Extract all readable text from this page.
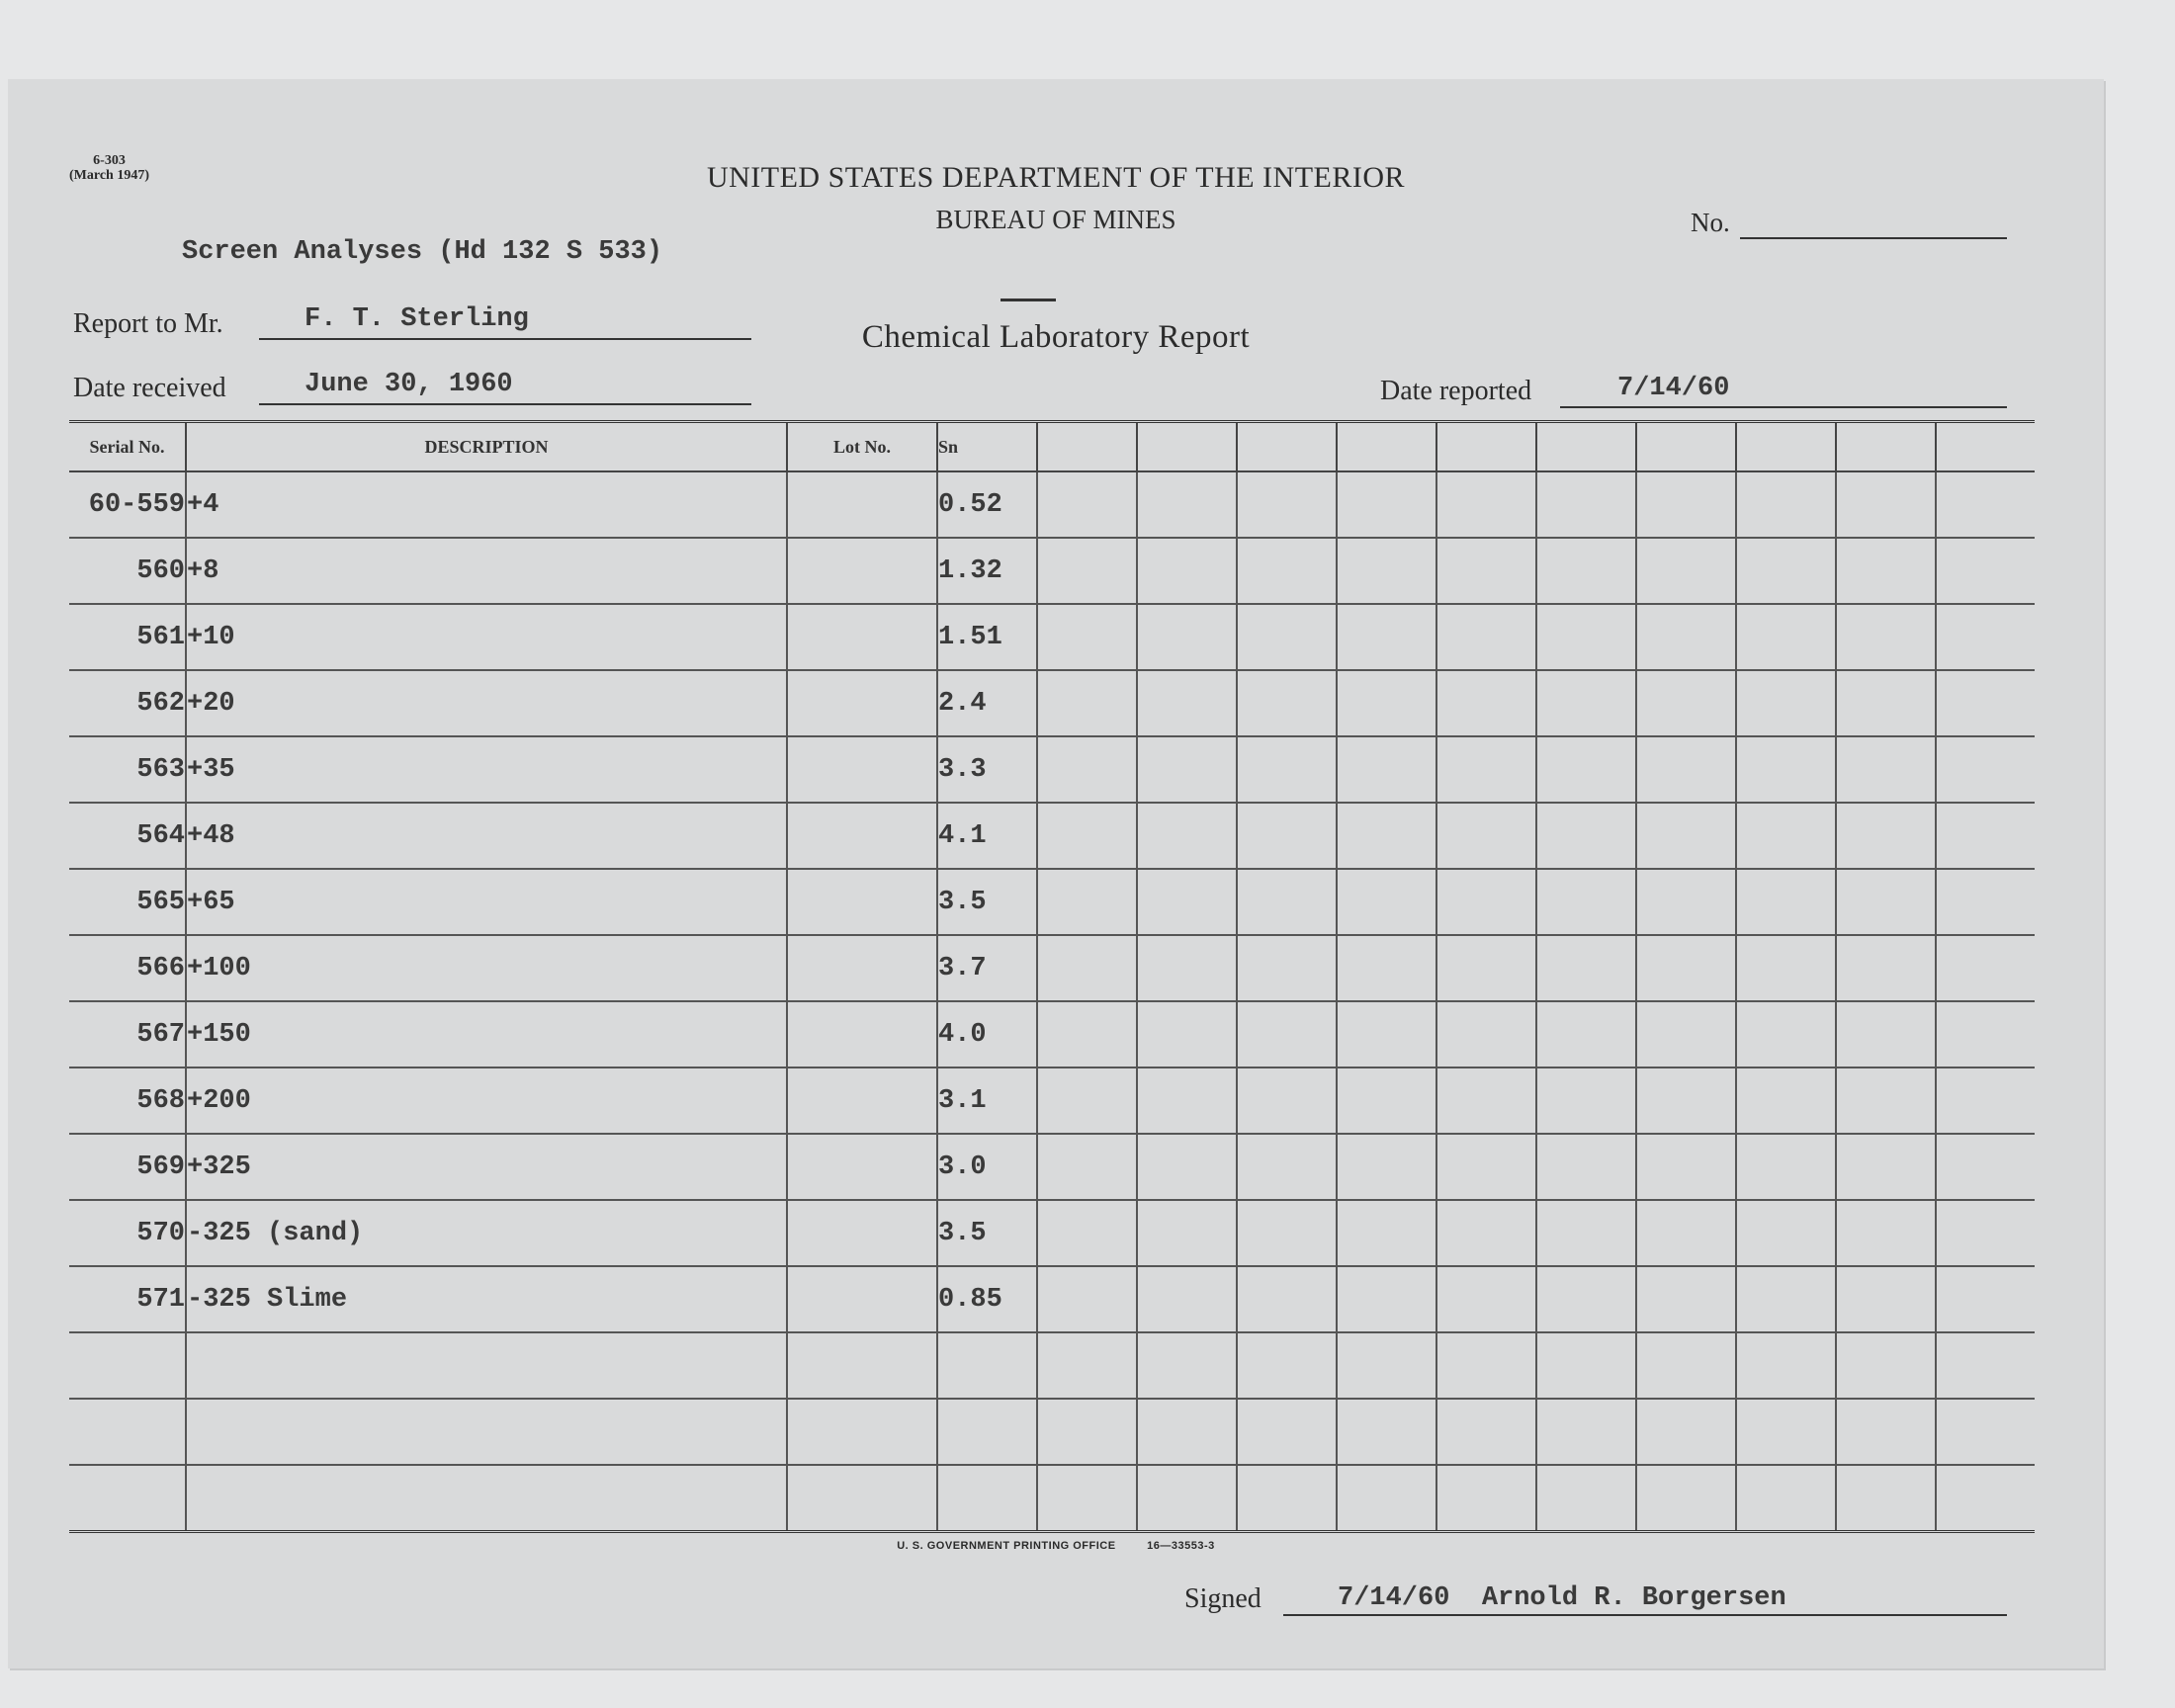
6-303
(March 1947)	UNITED STATES DEPARTMENT OF THE INTERIOR
BUREAU OF MINES
Chemical Laboratory Report
No.
Screen Analyses (Hd 132 S 533)
Report to Mr.	F. T. Sterling
Date received	June 30, 1960	Date reported	7/14/60
Serial No.	DESCRIPTION	Lot No.	Sn										
60-559	+4		0.52										
560	+8		1.32										
561	+10		1.51										
562	+20		2.4										
563	+35		3.3										
564	+48		4.1										
565	+65		3.5										
566	+100		3.7										
567	+150		4.0										
568	+200		3.1										
569	+325		3.0										
570	-325 (sand)		3.5										
571	-325 Slime		0.85										

U. S. GOVERNMENT PRINTING OFFICE	16—33553-3
Signed	7/14/60  Arnold R. Borgersen
